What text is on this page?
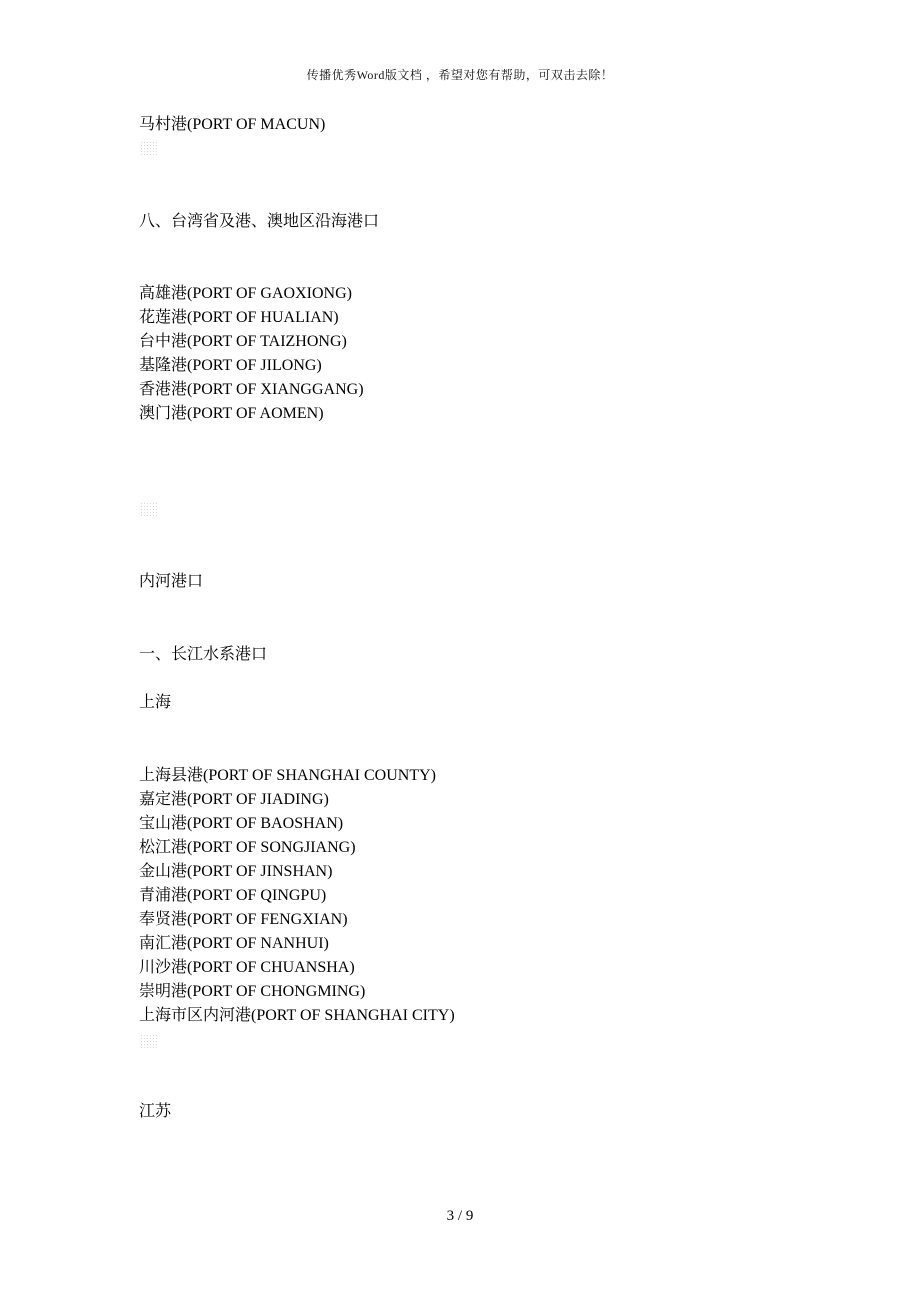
传播优秀Word版文档 ，希望对您有帮助，可双击去除！
马村港(PORT OF MACUN)
八、台湾省及港、澳地区沿海港口
高雄港(PORT OF GAOXIONG)
花莲港(PORT OF HUALIAN)
台中港(PORT OF TAIZHONG)
基隆港(PORT OF JILONG)
香港港(PORT OF XIANGGANG)
澳门港(PORT OF AOMEN)
内河港口
一、长江水系港口
上海
上海县港(PORT OF SHANGHAI COUNTY)
嘉定港(PORT OF JIADING)
宝山港(PORT OF BAOSHAN)
松江港(PORT OF SONGJIANG)
金山港(PORT OF JINSHAN)
青浦港(PORT OF QINGPU)
奉贤港(PORT OF FENGXIAN)
南汇港(PORT OF NANHUI)
川沙港(PORT OF CHUANSHA)
崇明港(PORT OF CHONGMING)
上海市区内河港(PORT OF SHANGHAI CITY)
江苏
3 / 9
